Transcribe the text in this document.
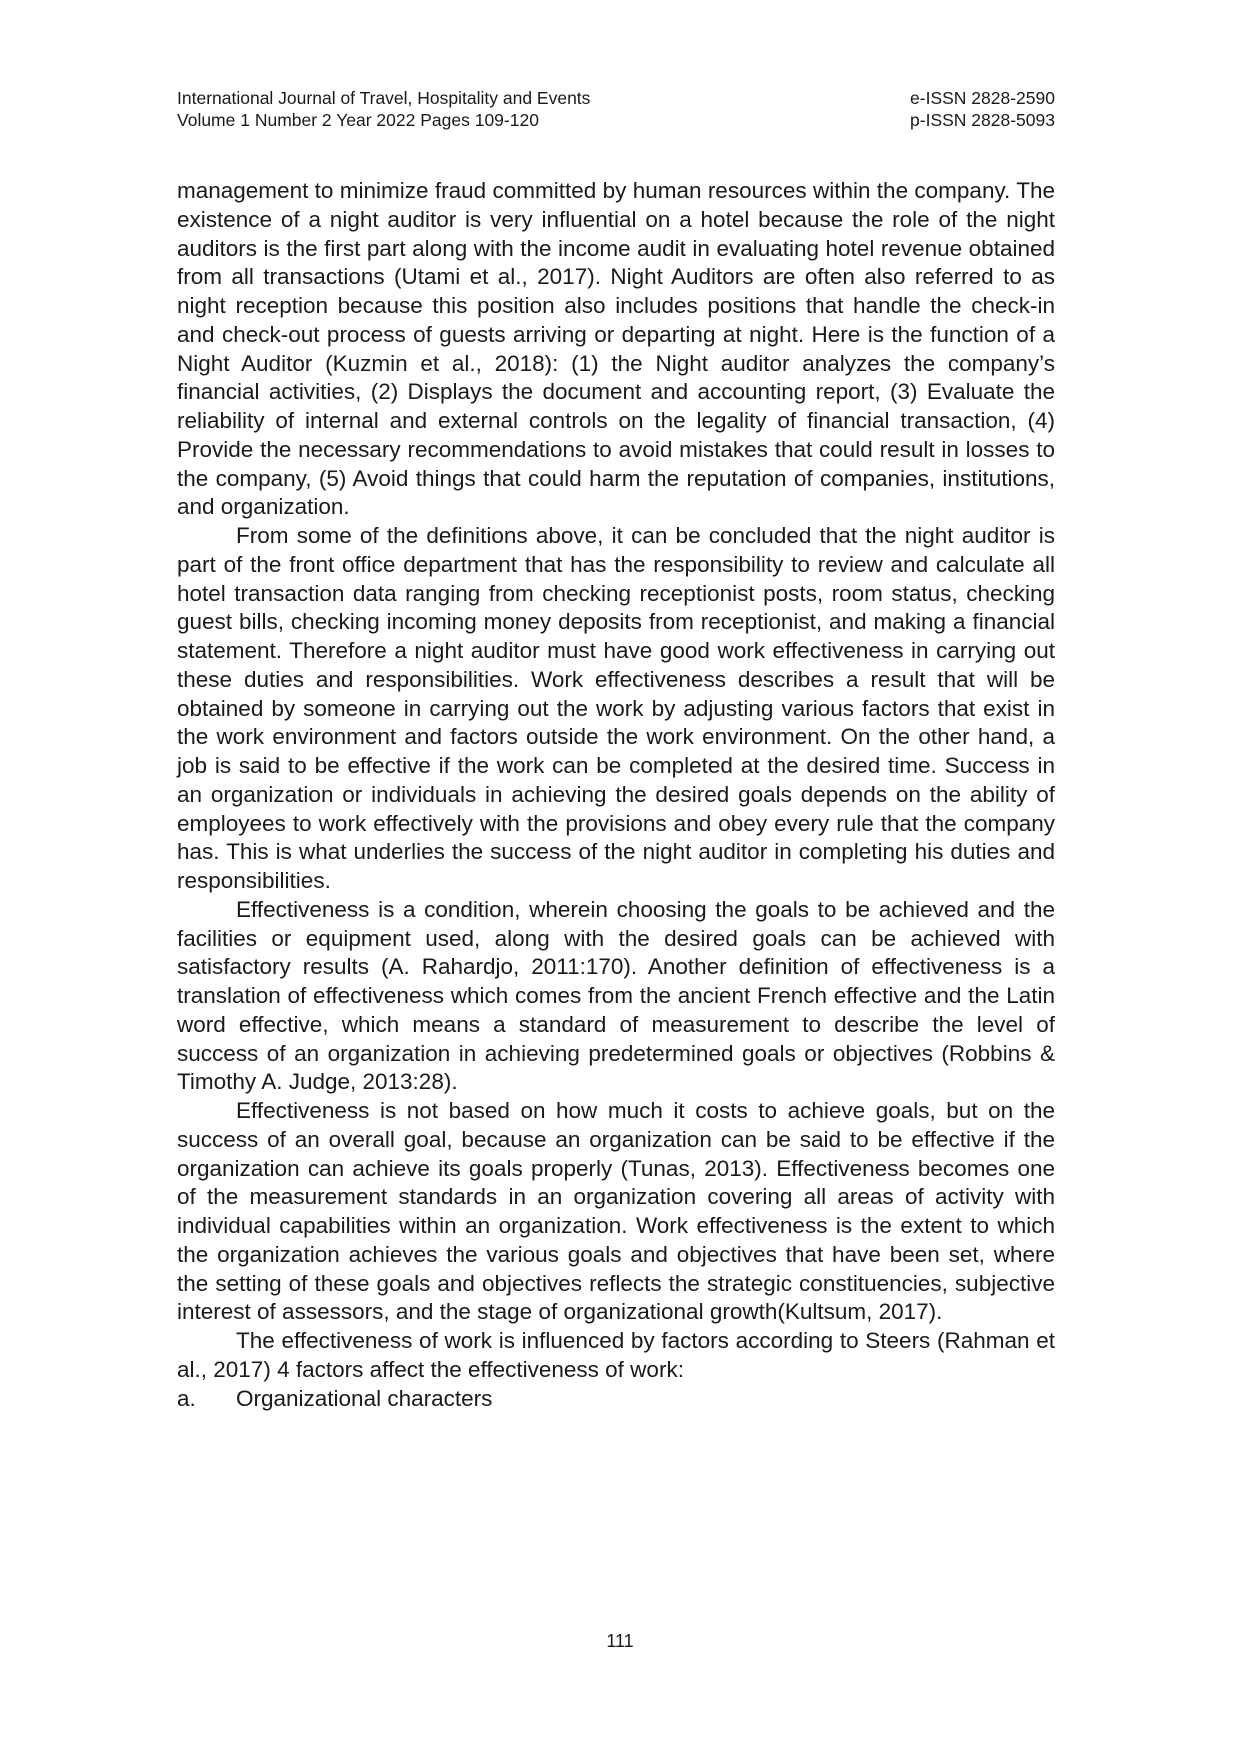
International Journal of Travel, Hospitality and Events	e-ISSN 2828-2590
Volume 1 Number 2 Year 2022 Pages 109-120	p-ISSN 2828-5093

management to minimize fraud committed by human resources within the company. The existence of a night auditor is very influential on a hotel because the role of the night auditors is the first part along with the income audit in evaluating hotel revenue obtained from all transactions (Utami et al., 2017). Night Auditors are often also referred to as night reception because this position also includes positions that handle the check-in and check-out process of guests arriving or departing at night. Here is the function of a Night Auditor (Kuzmin et al., 2018): (1) the Night auditor analyzes the company’s financial activities, (2) Displays the document and accounting report, (3) Evaluate the reliability of internal and external controls on the legality of financial transaction, (4) Provide the necessary recommendations to avoid mistakes that could result in losses to the company, (5) Avoid things that could harm the reputation of companies, institutions, and organization.

From some of the definitions above, it can be concluded that the night auditor is part of the front office department that has the responsibility to review and calculate all hotel transaction data ranging from checking receptionist posts, room status, checking guest bills, checking incoming money deposits from receptionist, and making a financial statement. Therefore a night auditor must have good work effectiveness in carrying out these duties and responsibilities. Work effectiveness describes a result that will be obtained by someone in carrying out the work by adjusting various factors that exist in the work environment and factors outside the work environment. On the other hand, a job is said to be effective if the work can be completed at the desired time. Success in an organization or individuals in achieving the desired goals depends on the ability of employees to work effectively with the provisions and obey every rule that the company has. This is what underlies the success of the night auditor in completing his duties and responsibilities.

Effectiveness is a condition, wherein choosing the goals to be achieved and the facilities or equipment used, along with the desired goals can be achieved with satisfactory results (A. Rahardjo, 2011:170). Another definition of effectiveness is a translation of effectiveness which comes from the ancient French effective and the Latin word effective, which means a standard of measurement to describe the level of success of an organization in achieving predetermined goals or objectives (Robbins & Timothy A. Judge, 2013:28).

Effectiveness is not based on how much it costs to achieve goals, but on the success of an overall goal, because an organization can be said to be effective if the organization can achieve its goals properly (Tunas, 2013). Effectiveness becomes one of the measurement standards in an organization covering all areas of activity with individual capabilities within an organization. Work effectiveness is the extent to which the organization achieves the various goals and objectives that have been set, where the setting of these goals and objectives reflects the strategic constituencies, subjective interest of assessors, and the stage of organizational growth(Kultsum, 2017).

The effectiveness of work is influenced by factors according to Steers (Rahman et al., 2017) 4 factors affect the effectiveness of work:

a.	Organizational characters
111
